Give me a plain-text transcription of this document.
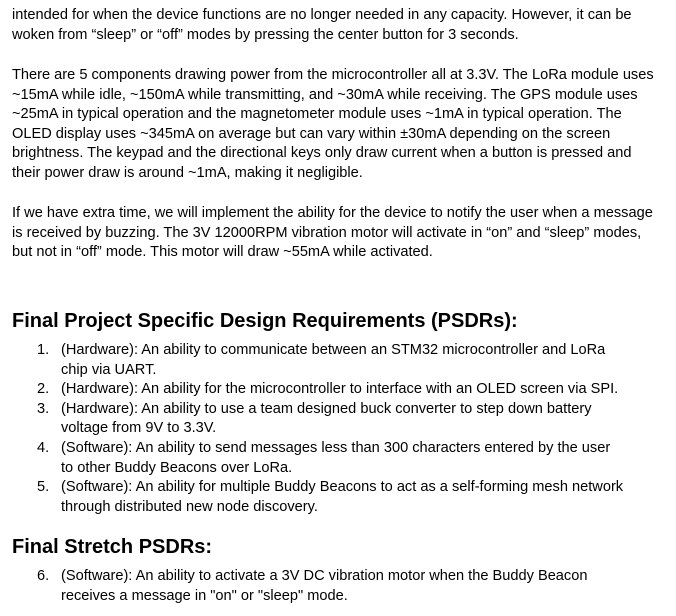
intended for when the device functions are no longer needed in any capacity. However, it can be woken from “sleep” or “off” modes by pressing the center button for 3 seconds.

There are 5 components drawing power from the microcontroller all at 3.3V. The LoRa module uses ~15mA while idle, ~150mA while transmitting, and ~30mA while receiving. The GPS module uses ~25mA in typical operation and the magnetometer module uses ~1mA in typical operation. The OLED display uses ~345mA on average but can vary within ±30mA depending on the screen brightness. The keypad and the directional keys only draw current when a button is pressed and their power draw is around ~1mA, making it negligible.

If we have extra time, we will implement the ability for the device to notify the user when a message is received by buzzing. The 3V 12000RPM vibration motor will activate in “on” and “sleep” modes, but not in “off” mode. This motor will draw ~55mA while activated.

Final Project Specific Design Requirements (PSDRs):
1. (Hardware): An ability to communicate between an STM32 microcontroller and LoRa chip via UART.
2. (Hardware): An ability for the microcontroller to interface with an OLED screen via SPI.
3. (Hardware): An ability to use a team designed buck converter to step down battery voltage from 9V to 3.3V.
4. (Software): An ability to send messages less than 300 characters entered by the user to other Buddy Beacons over LoRa.
5. (Software): An ability for multiple Buddy Beacons to act as a self-forming mesh network through distributed new node discovery.
Final Stretch PSDRs:
6. (Software): An ability to activate a 3V DC vibration motor when the Buddy Beacon receives a message in "on" or "sleep" mode.
